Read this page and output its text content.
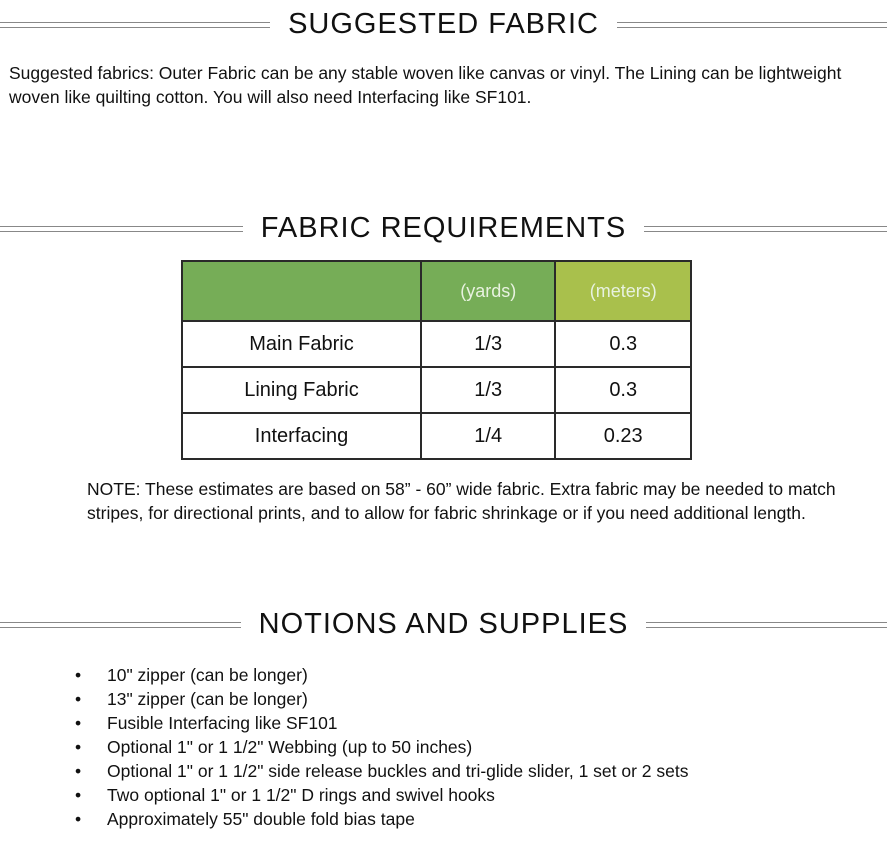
SUGGESTED FABRIC
Suggested fabrics: Outer Fabric can be any stable woven like canvas or vinyl. The Lining can be lightweight woven like quilting cotton. You will also need Interfacing like SF101.
FABRIC REQUIREMENTS
	(yards)	(meters)
Main Fabric	1/3	0.3
Lining Fabric	1/3	0.3
Interfacing	1/4	0.23
NOTE: These estimates are based on 58” - 60” wide fabric. Extra fabric may be needed to match stripes, for directional prints, and to allow for fabric shrinkage or if you need additional length.
NOTIONS AND SUPPLIES
•	10" zipper (can be longer)
•	13" zipper (can be longer)
•	Fusible Interfacing like SF101
•	Optional 1" or 1 1/2" Webbing (up to 50 inches)
•	Optional 1" or 1 1/2" side release buckles and tri-glide slider, 1 set or 2 sets
•	Two optional 1" or 1 1/2" D rings and swivel hooks
•	Approximately 55" double fold bias tape
